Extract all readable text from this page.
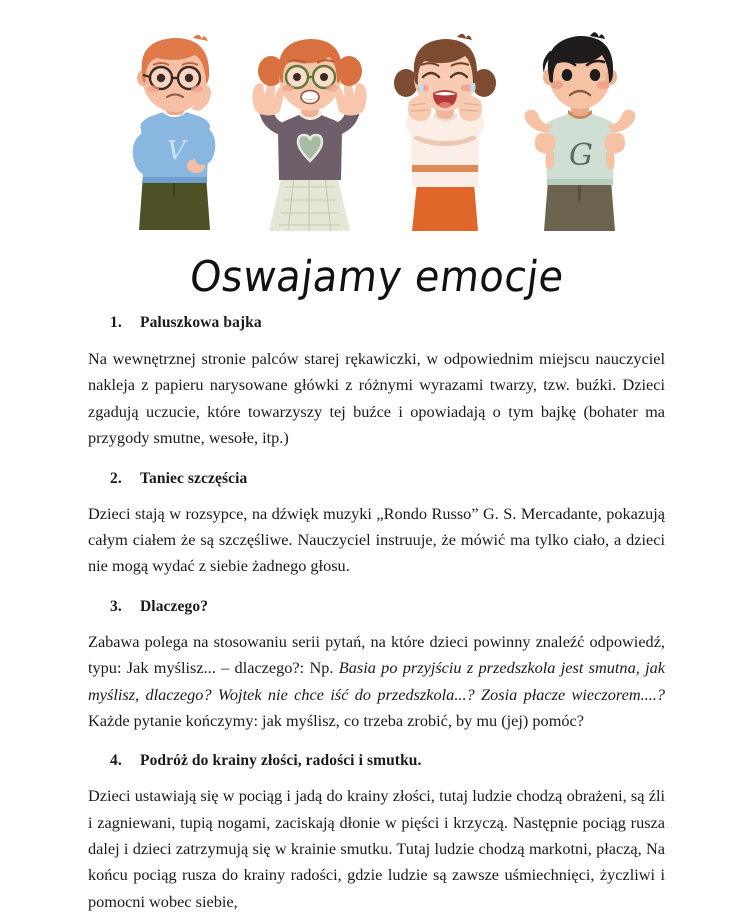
V	G
Oswajamy emocje
1.	Paluszkowa bajka

Na wewnętrznej stronie palców starej rękawiczki, w odpowiednim miejscu nauczyciel nakleja z papieru narysowane główki z różnymi wyrazami twarzy, tzw. buźki. Dzieci zgadują uczucie, które towarzyszy tej buźce i opowiadają o tym bajkę (bohater ma przygody smutne, wesołe, itp.)

2.	Taniec szczęścia

Dzieci stają w rozsypce, na dźwięk muzyki „Rondo Russo” G. S. Mercadante, pokazują całym ciałem że są szczęśliwe. Nauczyciel instruuje, że mówić ma tylko ciało, a dzieci nie mogą wydać z siebie żadnego głosu.

3.	Dlaczego?

Zabawa polega na stosowaniu serii pytań, na które dzieci powinny znaleźć odpowiedź, typu: Jak myślisz... – dlaczego?: Np. Basia po przyjściu z przedszkola jest smutna, jak myślisz, dlaczego? Wojtek nie chce iść do przedszkola...? Zosia płacze wieczorem....? Każde pytanie kończymy: jak myślisz, co trzeba zrobić, by mu (jej) pomóc?

4.	Podróż do krainy złości, radości i smutku.

Dzieci ustawiają się w pociąg i jadą do krainy złości, tutaj ludzie chodzą obrażeni, są źli i zagniewani, tupią nogami, zaciskają dłonie w pięści i krzyczą. Następnie pociąg rusza dalej i dzieci zatrzymują się w krainie smutku. Tutaj ludzie chodzą markotni, płaczą, Na końcu pociąg rusza do krainy radości, gdzie ludzie są zawsze uśmiechnięci, życzliwi i pomocni wobec siebie,
